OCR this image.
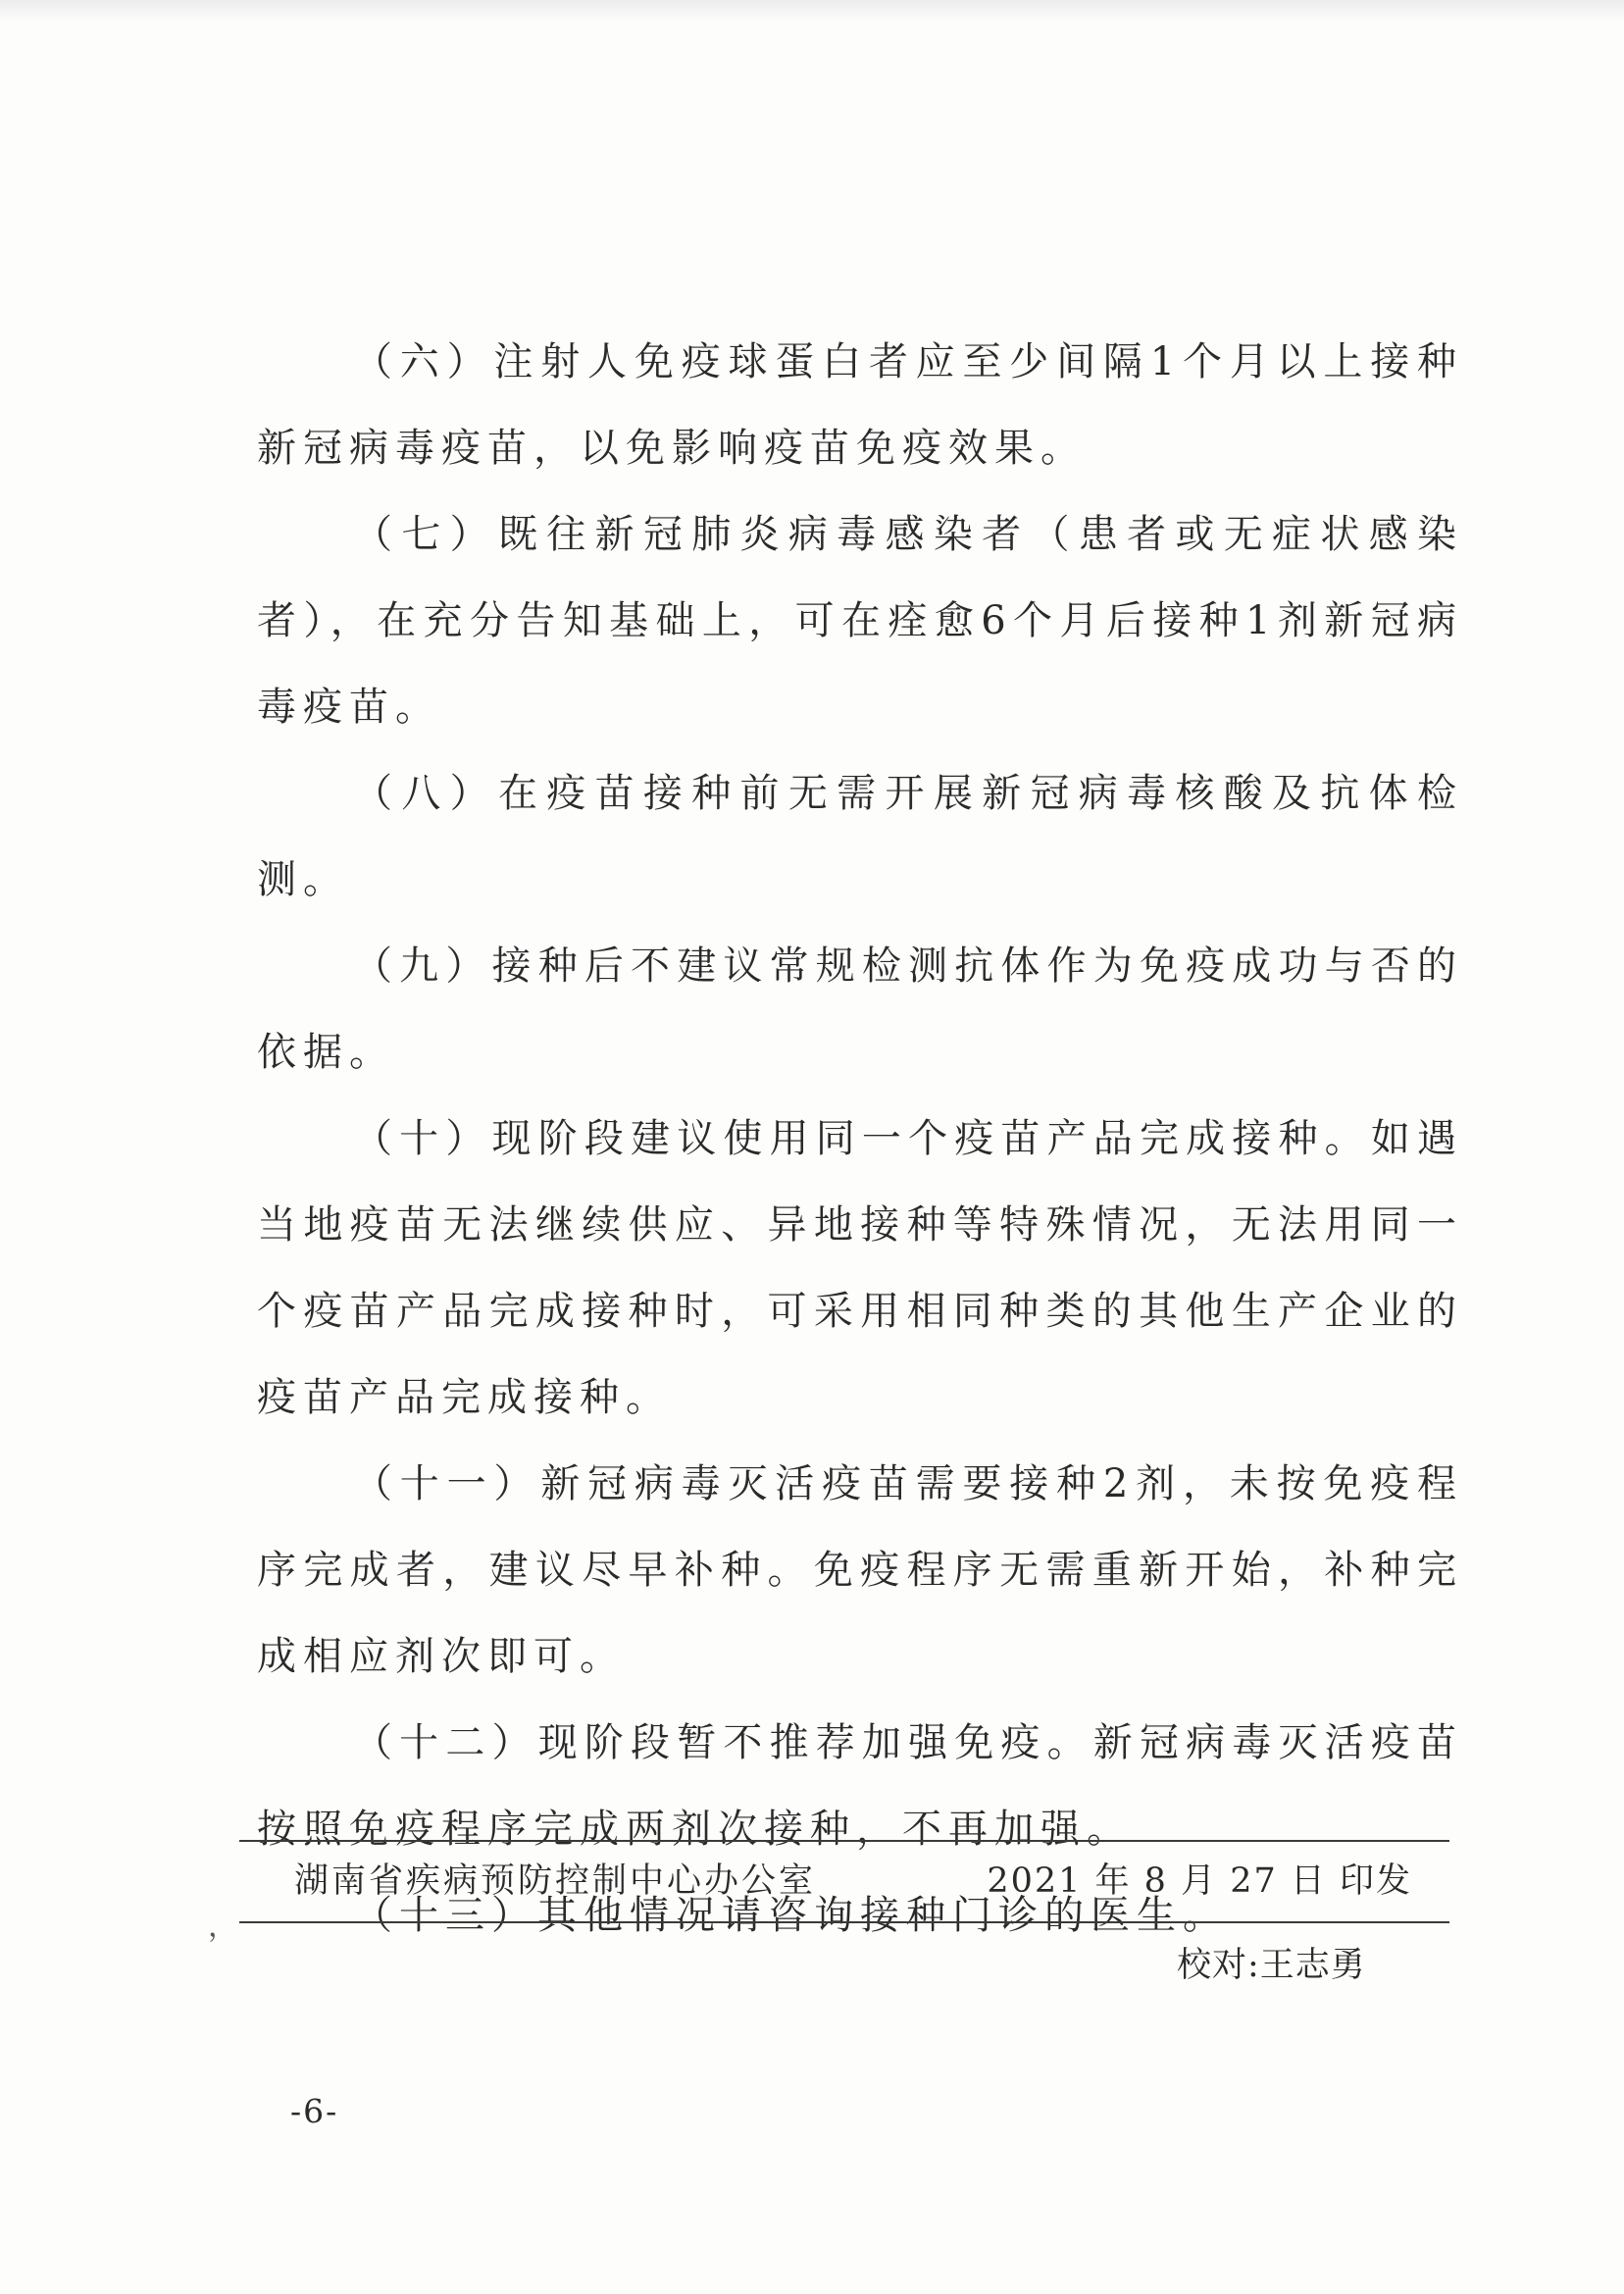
（六）注射人免疫球蛋白者应至少间隔1个月以上接种新冠病毒疫苗，以免影响疫苗免疫效果。

（七）既往新冠肺炎病毒感染者（患者或无症状感染者），在充分告知基础上，可在痊愈6个月后接种1剂新冠病毒疫苗。

（八）在疫苗接种前无需开展新冠病毒核酸及抗体检测。

（九）接种后不建议常规检测抗体作为免疫成功与否的依据。

（十）现阶段建议使用同一个疫苗产品完成接种。如遇当地疫苗无法继续供应、异地接种等特殊情况，无法用同一个疫苗产品完成接种时，可采用相同种类的其他生产企业的疫苗产品完成接种。

（十一）新冠病毒灭活疫苗需要接种2剂，未按免疫程序完成者，建议尽早补种。免疫程序无需重新开始，补种完成相应剂次即可。

（十二）现阶段暂不推荐加强免疫。新冠病毒灭活疫苗按照免疫程序完成两剂次接种，不再加强。

，	（十三）其他情况请咨询接种门诊的医生。

湖南省疾病预防控制中心办公室	2021 年 8 月 27 日 印发
校对:王志勇
-6-
